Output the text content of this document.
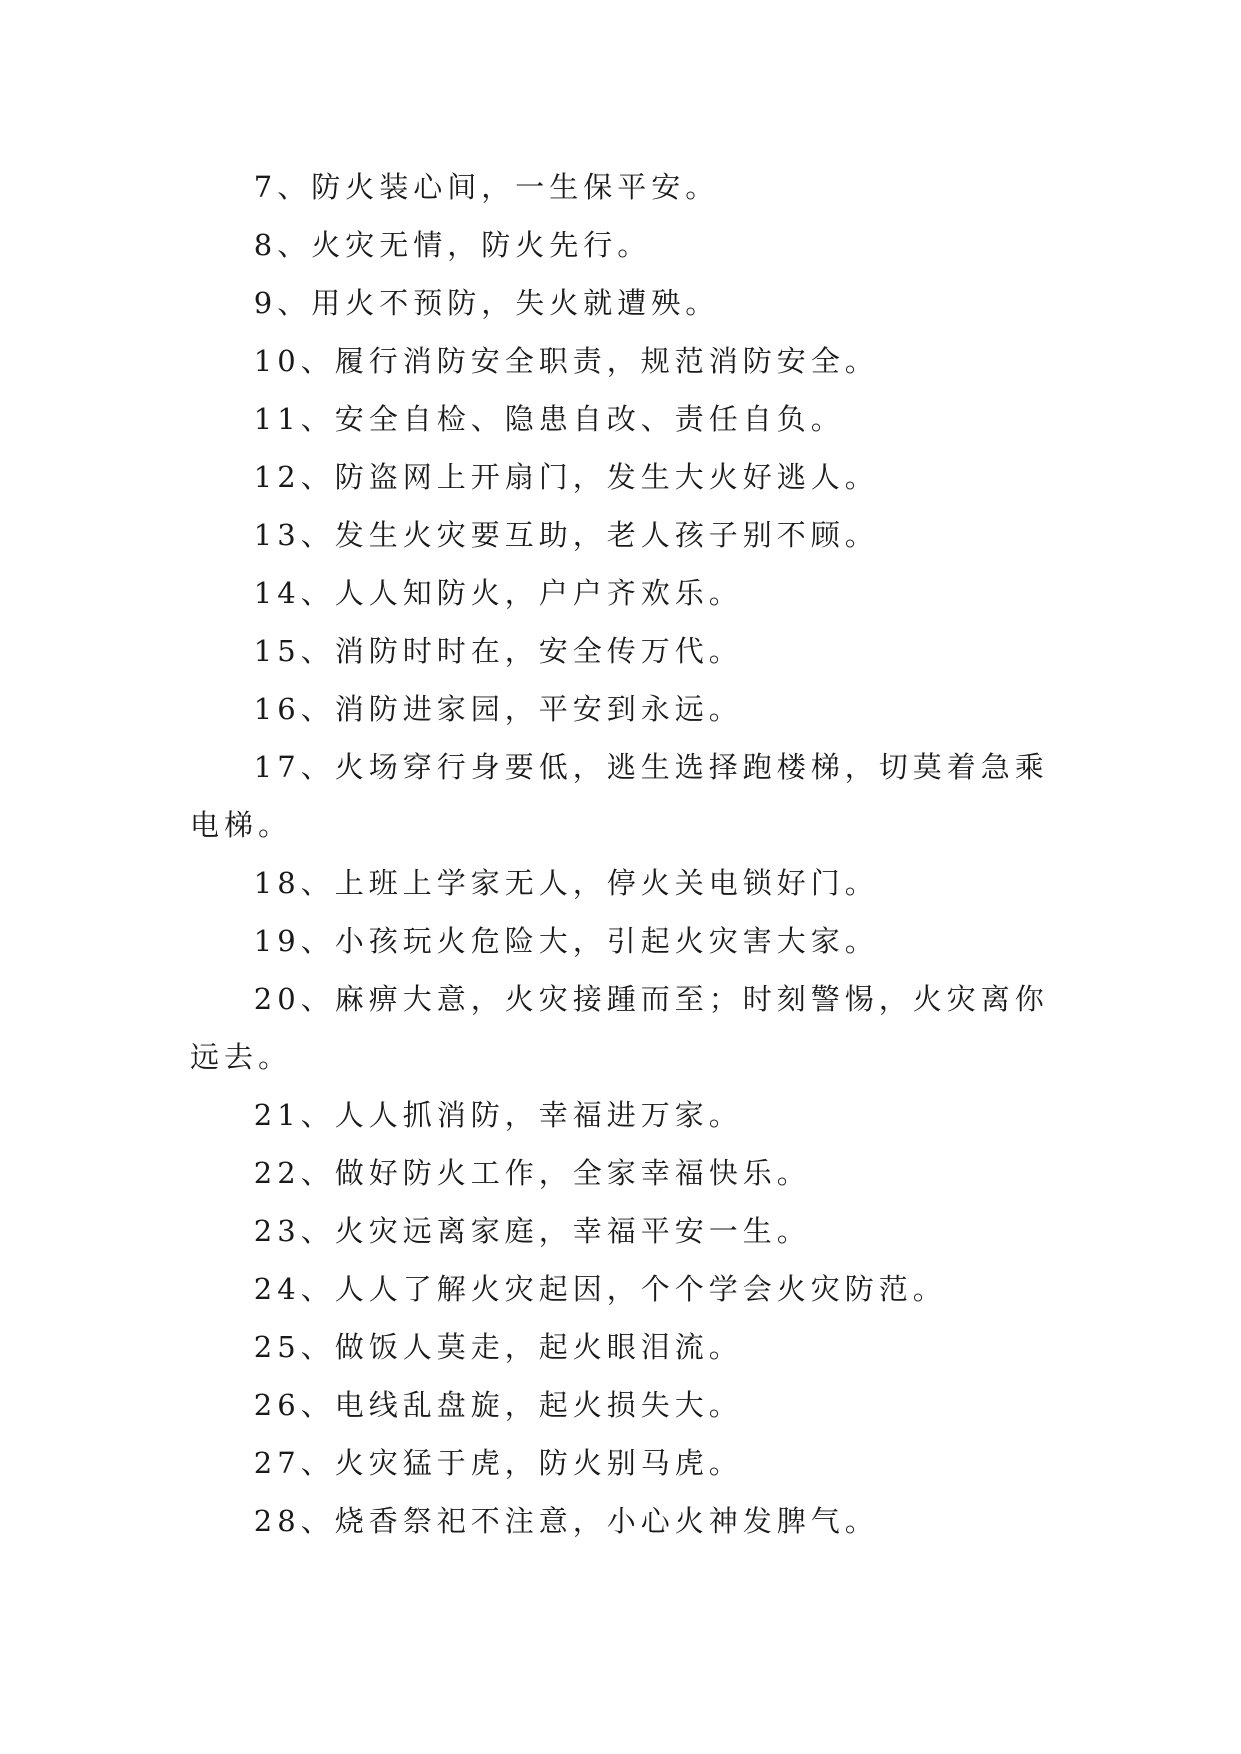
7、防火装心间，一生保平安。

8、火灾无情，防火先行。

9、用火不预防，失火就遭殃。

10、履行消防安全职责，规范消防安全。

11、安全自检、隐患自改、责任自负。

12、防盗网上开扇门，发生大火好逃人。

13、发生火灾要互助，老人孩子别不顾。

14、人人知防火，户户齐欢乐。

15、消防时时在，安全传万代。

16、消防进家园，平安到永远。

17、火场穿行身要低，逃生选择跑楼梯，切莫着急乘电梯。

18、上班上学家无人，停火关电锁好门。

19、小孩玩火危险大，引起火灾害大家。

20、麻痹大意，火灾接踵而至；时刻警惕，火灾离你远去。

21、人人抓消防，幸福进万家。

22、做好防火工作，全家幸福快乐。

23、火灾远离家庭，幸福平安一生。

24、人人了解火灾起因，个个学会火灾防范。

25、做饭人莫走，起火眼泪流。

26、电线乱盘旋，起火损失大。

27、火灾猛于虎，防火别马虎。

28、烧香祭祀不注意，小心火神发脾气。
